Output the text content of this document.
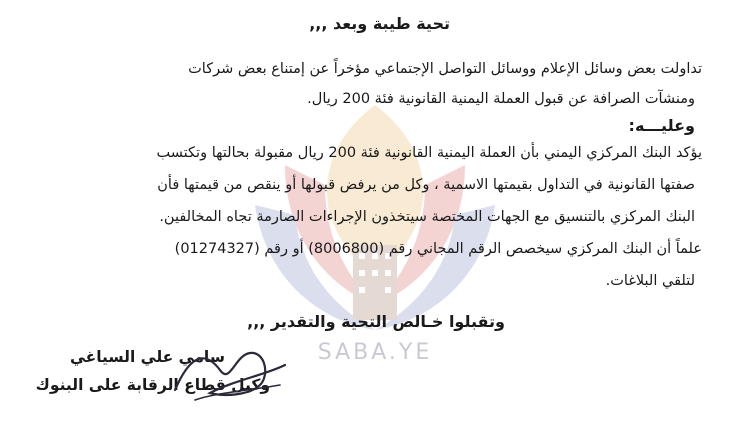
SABA.YE
تحية طيبة وبعد ,,,
تداولت بعض وسائل الإعلام ووسائل التواصل الإجتماعي مؤخراً عن إمتناع بعض شركات
ومنشآت الصرافة عن قبول العملة اليمنية القانونية فئة 200 ريال.
وعليـــه:
يؤكد البنك المركزي اليمني بأن العملة اليمنية القانونية فئة 200 ريال مقبولة بحالتها وتكتسب
صفتها القانونية في التداول بقيمتها الاسمية ، وكل من يرفض قبولها أو ينقص من قيمتها فأن
البنك المركزي بالتنسيق مع الجهات المختصة سيتخذون الإجراءات الصارمة تجاه المخالفين.
علماً أن البنك المركزي سيخصص الرقم المجاني رقم (8006800) أو رقم (01274327)
لتلقي البلاغات.
وتقبلوا خـالص التحية والتقدير ,,,
سامي علي السياغي
وكيل قطاع الرقابة على البنوك
